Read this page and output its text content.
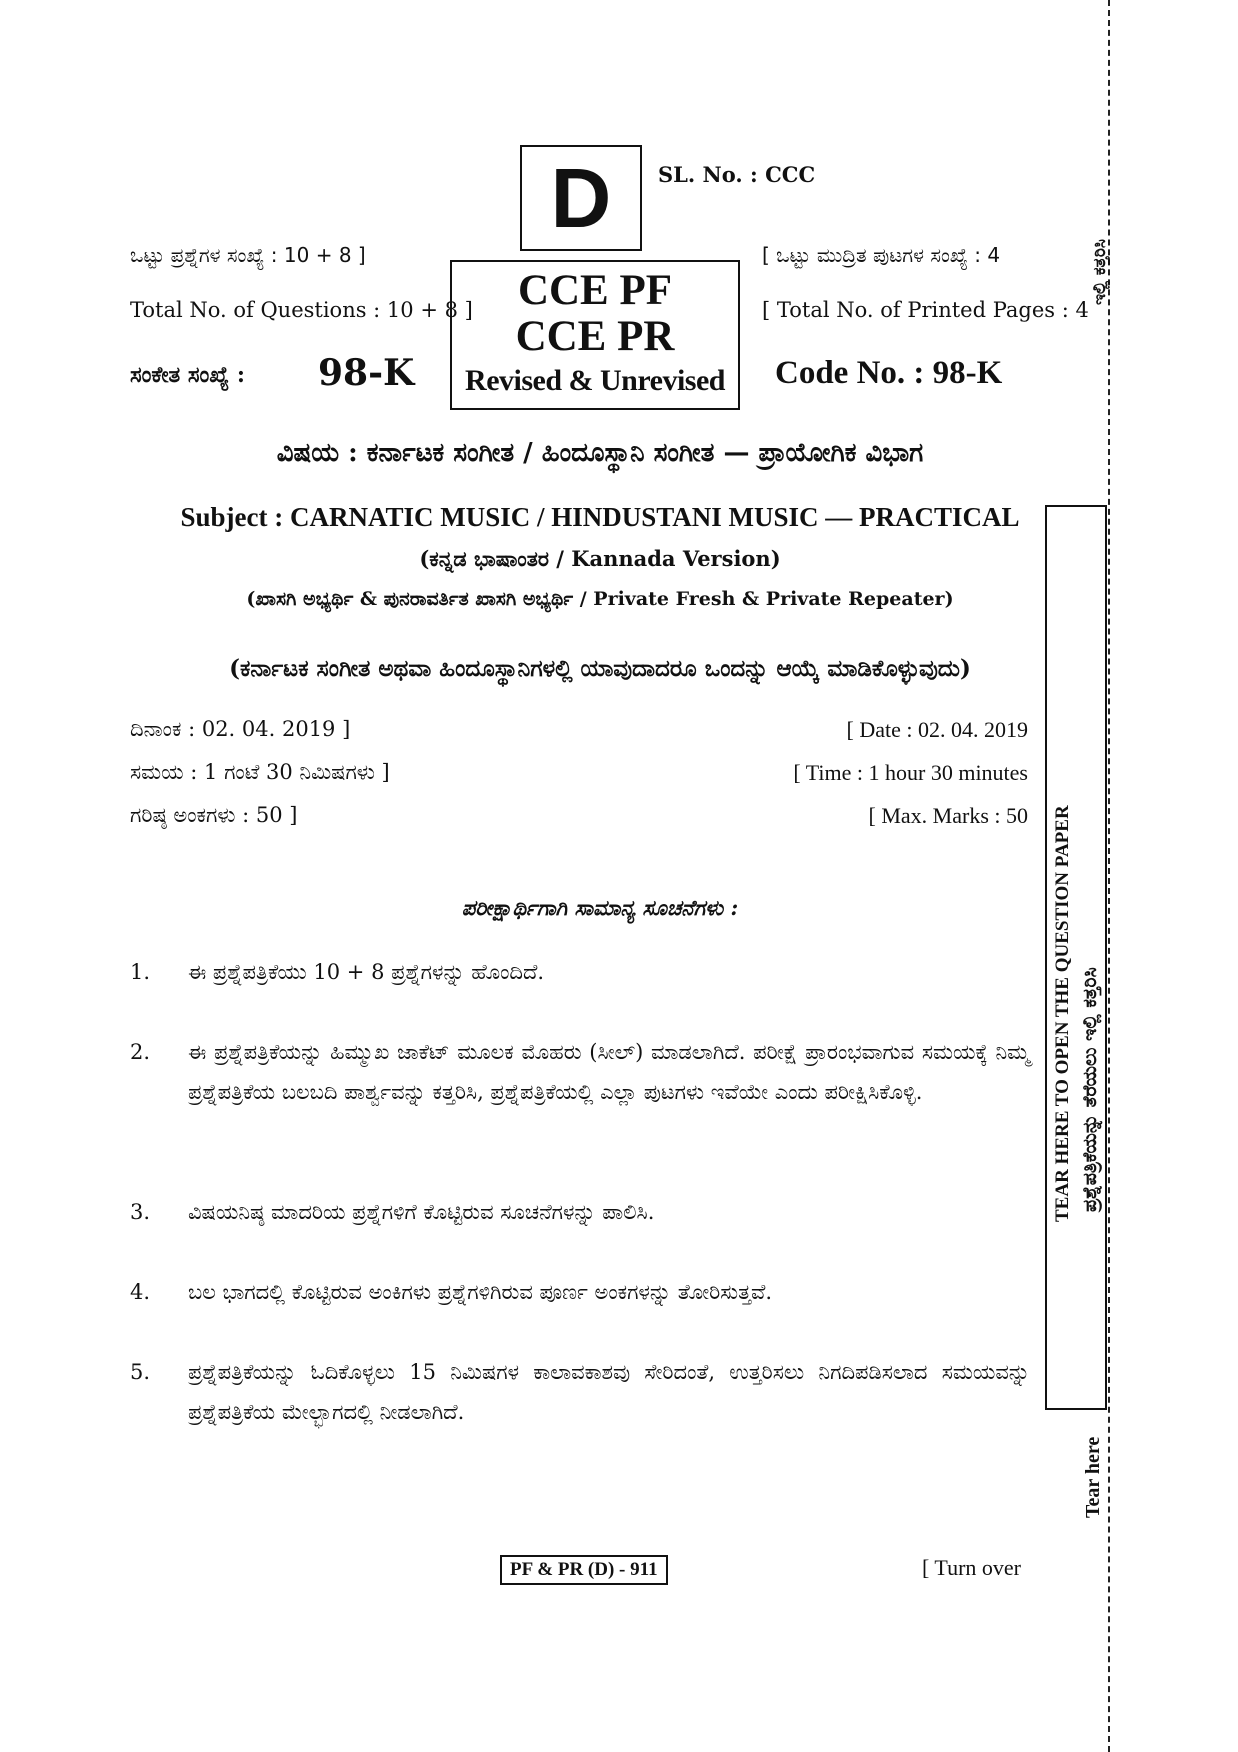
D	SL. No. : CCC
ಒಟ್ಟು ಪ್ರಶ್ನೆಗಳ ಸಂಖ್ಯೆ : 10 + 8 ]
Total No. of Questions : 10 + 8 ]
[ ಒಟ್ಟು ಮುದ್ರಿತ ಪುಟಗಳ ಸಂಖ್ಯೆ : 4
[ Total No. of Printed Pages : 4
CCE PF
CCE PR
Revised & Unrevised
ಸಂಕೇತ ಸಂಖ್ಯೆ : 98-K	Code No. : 98-K
ವಿಷಯ : ಕರ್ನಾಟಕ ಸಂಗೀತ / ಹಿಂದೂಸ್ಥಾನಿ ಸಂಗೀತ — ಪ್ರಾಯೋಗಿಕ ವಿಭಾಗ
Subject : CARNATIC MUSIC / HINDUSTANI MUSIC — PRACTICAL
(ಕನ್ನಡ ಭಾಷಾಂತರ / Kannada Version)
(ಖಾಸಗಿ ಅಭ್ಯರ್ಥಿ & ಪುನರಾವರ್ತಿತ ಖಾಸಗಿ ಅಭ್ಯರ್ಥಿ / Private Fresh & Private Repeater)
(ಕರ್ನಾಟಕ ಸಂಗೀತ ಅಥವಾ ಹಿಂದೂಸ್ಥಾನಿಗಳಲ್ಲಿ ಯಾವುದಾದರೂ ಒಂದನ್ನು ಆಯ್ಕೆ ಮಾಡಿಕೊಳ್ಳುವುದು)
ದಿನಾಂಕ : 02. 04. 2019 ]	[ Date : 02. 04. 2019
ಸಮಯ : 1 ಗಂಟೆ 30 ನಿಮಿಷಗಳು ]	[ Time : 1 hour 30 minutes
ಗರಿಷ್ಠ ಅಂಕಗಳು : 50 ]	[ Max. Marks : 50
ಪರೀಕ್ಷಾರ್ಥಿಗಾಗಿ ಸಾಮಾನ್ಯ ಸೂಚನೆಗಳು :
1.	ಈ ಪ್ರಶ್ನೆಪತ್ರಿಕೆಯು 10 + 8 ಪ್ರಶ್ನೆಗಳನ್ನು ಹೊಂದಿದೆ.
2.	ಈ ಪ್ರಶ್ನೆಪತ್ರಿಕೆಯನ್ನು ಹಿಮ್ಮುಖ ಜಾಕೆಟ್ ಮೂಲಕ ಮೊಹರು (ಸೀಲ್) ಮಾಡಲಾಗಿದೆ. ಪರೀಕ್ಷೆ ಪ್ರಾರಂಭವಾಗುವ ಸಮಯಕ್ಕೆ ನಿಮ್ಮ ಪ್ರಶ್ನೆಪತ್ರಿಕೆಯ ಬಲಬದಿ ಪಾರ್ಶ್ವವನ್ನು ಕತ್ತರಿಸಿ, ಪ್ರಶ್ನೆಪತ್ರಿಕೆಯಲ್ಲಿ ಎಲ್ಲಾ ಪುಟಗಳು ಇವೆಯೇ ಎಂದು ಪರೀಕ್ಷಿಸಿಕೊಳ್ಳಿ.
3.	ವಿಷಯನಿಷ್ಠ ಮಾದರಿಯ ಪ್ರಶ್ನೆಗಳಿಗೆ ಕೊಟ್ಟಿರುವ ಸೂಚನೆಗಳನ್ನು ಪಾಲಿಸಿ.
4.	ಬಲ ಭಾಗದಲ್ಲಿ ಕೊಟ್ಟಿರುವ ಅಂಕಿಗಳು ಪ್ರಶ್ನೆಗಳಿಗಿರುವ ಪೂರ್ಣ ಅಂಕಗಳನ್ನು ತೋರಿಸುತ್ತವೆ.
5.	ಪ್ರಶ್ನೆಪತ್ರಿಕೆಯನ್ನು ಓದಿಕೊಳ್ಳಲು 15 ನಿಮಿಷಗಳ ಕಾಲಾವಕಾಶವು ಸೇರಿದಂತೆ, ಉತ್ತರಿಸಲು ನಿಗದಿಪಡಿಸಲಾದ ಸಮಯವನ್ನು ಪ್ರಶ್ನೆಪತ್ರಿಕೆಯ ಮೇಲ್ಭಾಗದಲ್ಲಿ ನೀಡಲಾಗಿದೆ.
TEAR HERE TO OPEN THE QUESTION PAPER ಪ್ರಶ್ನೆಪತ್ರಿಕೆಯನ್ನು ತೆರೆಯಲು ಇಲ್ಲಿ ಕತ್ತರಿಸಿ
ಇಲ್ಲಿ ಕತ್ತರಿಸಿ
Tear here
PF & PR (D) - 911	[ Turn over
